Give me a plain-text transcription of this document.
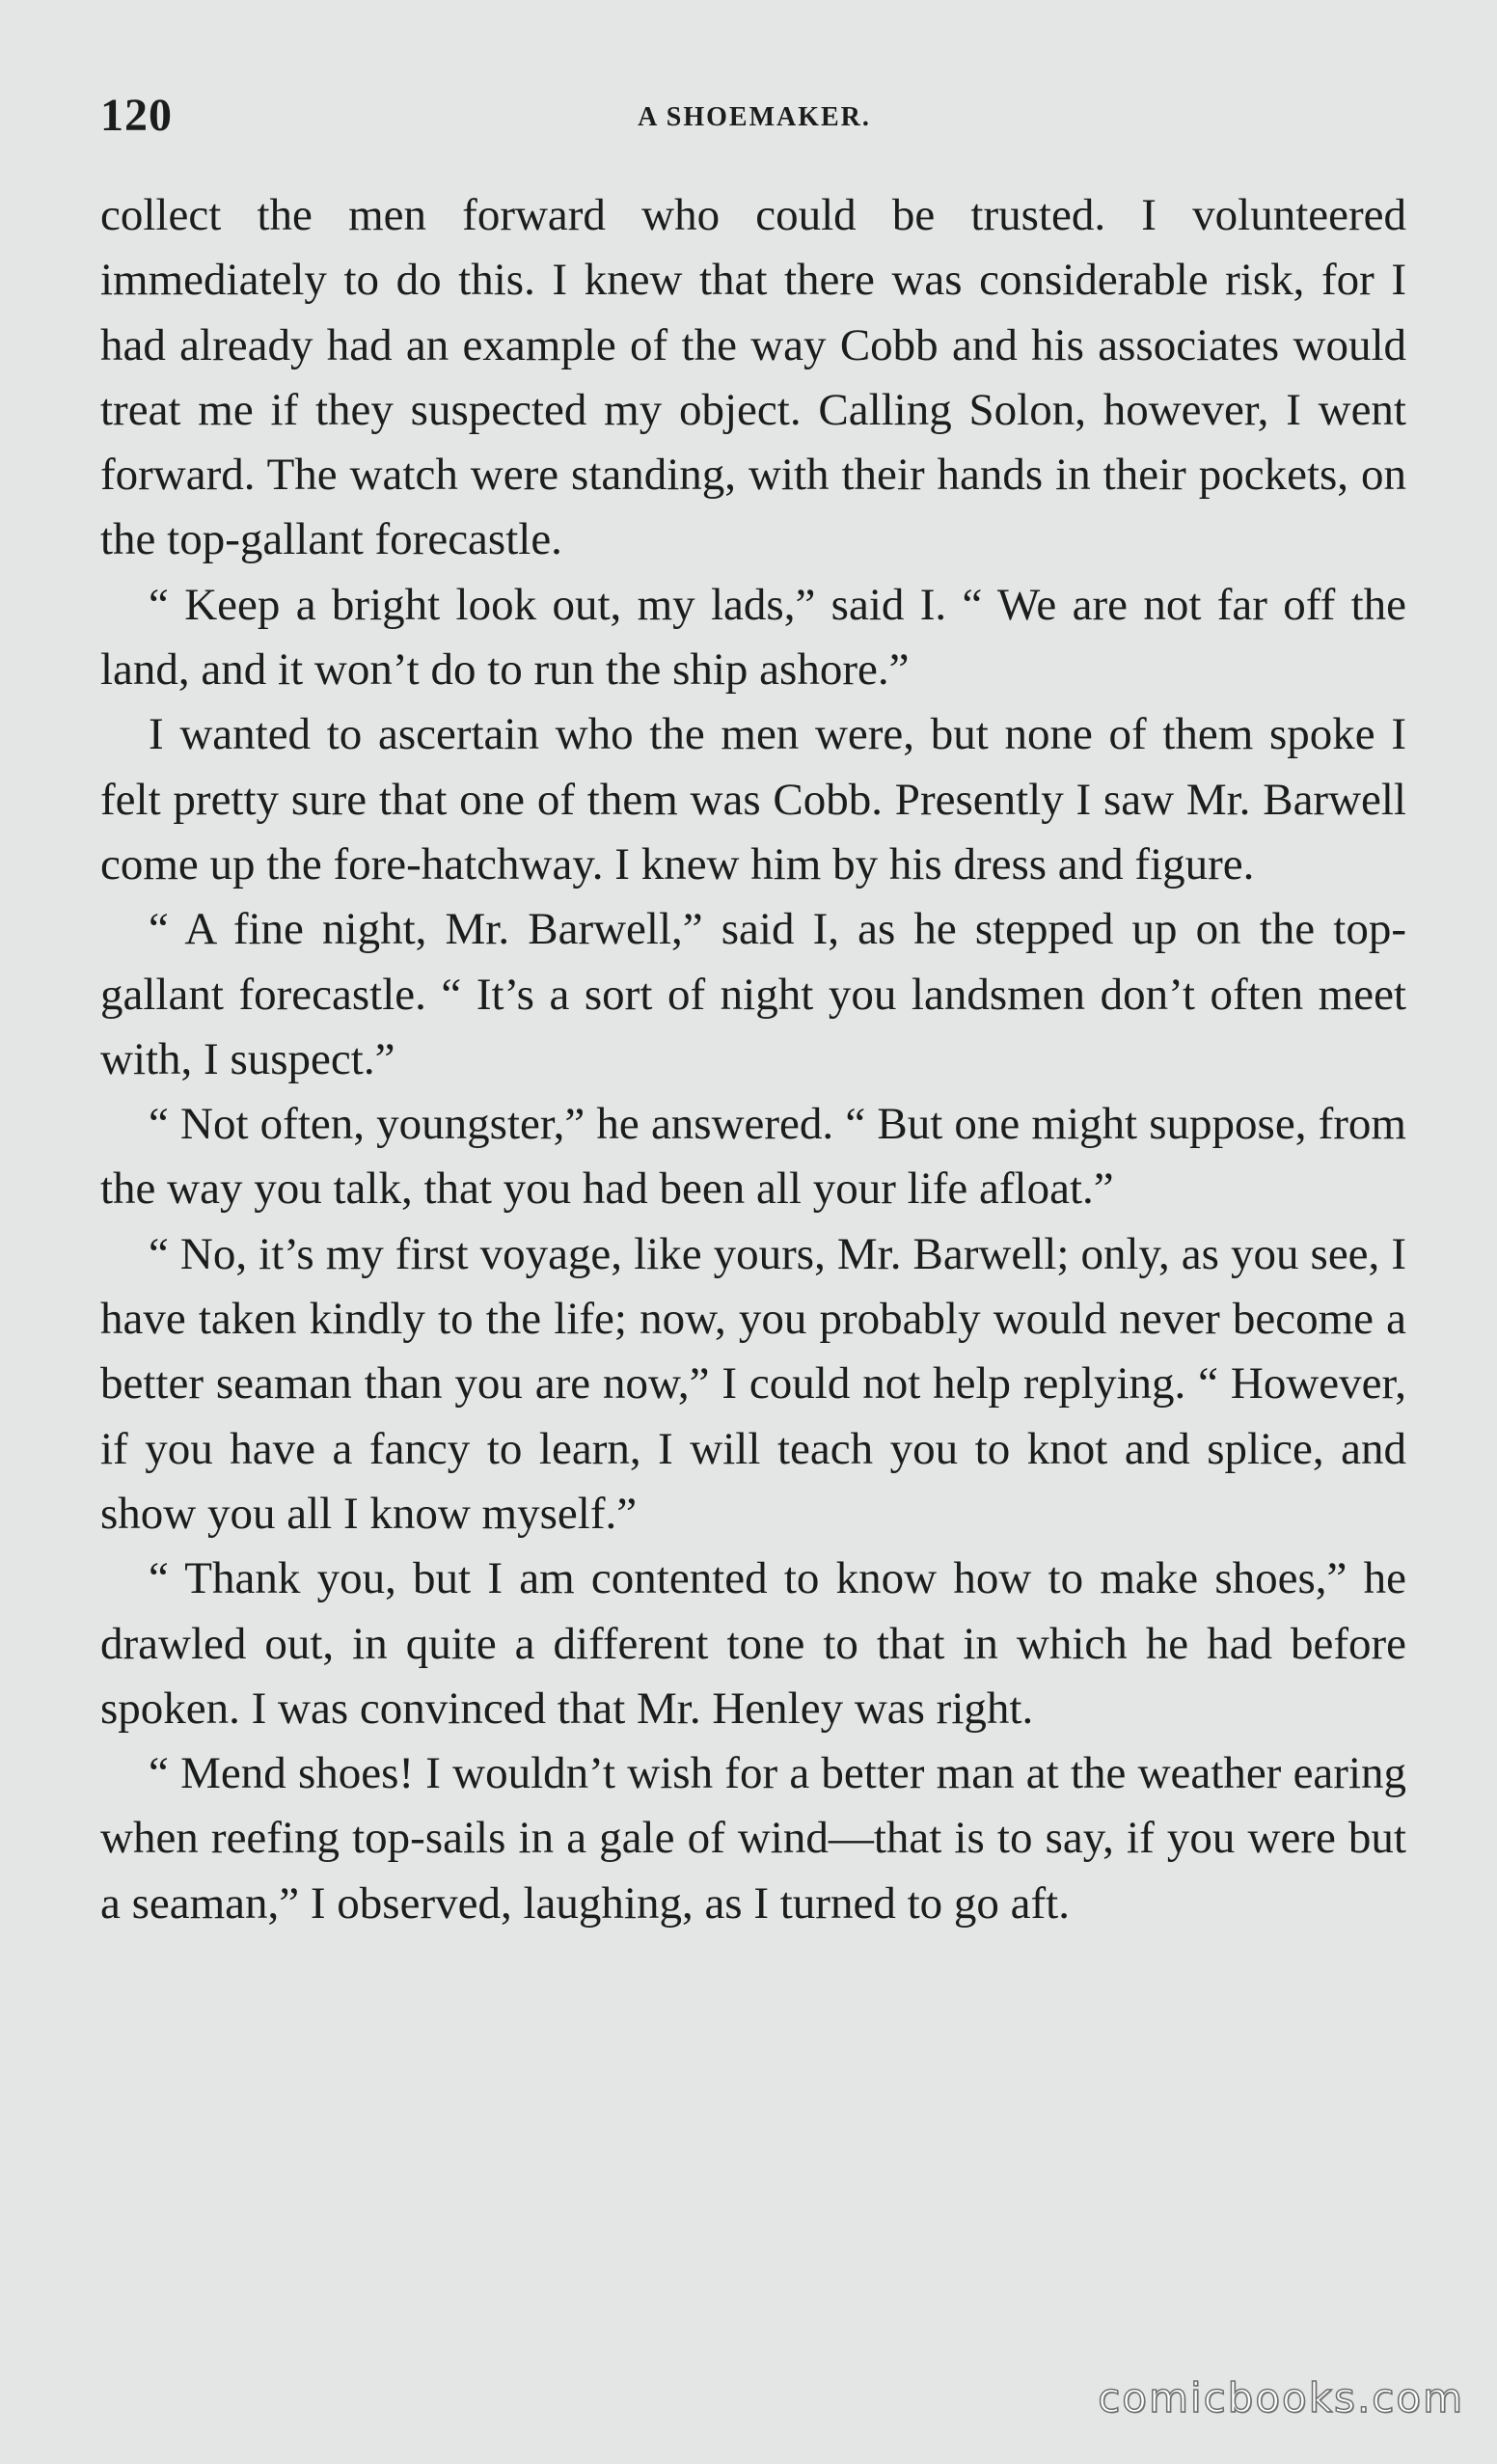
120	A SHOEMAKER.

collect the men forward who could be trusted. I volunteered immediately to do this. I knew that there was considerable risk, for I had already had an example of the way Cobb and his associates would treat me if they suspected my object. Calling Solon, however, I went forward. The watch were standing, with their hands in their pockets, on the top-gallant forecastle.

“ Keep a bright look out, my lads,” said I. “ We are not far off the land, and it won’t do to run the ship ashore.”

I wanted to ascertain who the men were, but none of them spoke I felt pretty sure that one of them was Cobb. Presently I saw Mr. Barwell come up the fore-hatchway. I knew him by his dress and figure.

“ A fine night, Mr. Barwell,” said I, as he stepped up on the top-gallant forecastle. “ It’s a sort of night you landsmen don’t often meet with, I suspect.”

“ Not often, youngster,” he answered. “ But one might suppose, from the way you talk, that you had been all your life afloat.”

“ No, it’s my first voyage, like yours, Mr. Barwell; only, as you see, I have taken kindly to the life; now, you probably would never become a better seaman than you are now,” I could not help replying. “ However, if you have a fancy to learn, I will teach you to knot and splice, and show you all I know myself.”

“ Thank you, but I am contented to know how to make shoes,” he drawled out, in quite a different tone to that in which he had before spoken. I was convinced that Mr. Henley was right.

“ Mend shoes! I wouldn’t wish for a better man at the weather earing when reefing top-sails in a gale of wind—that is to say, if you were but a seaman,” I observed, laughing, as I turned to go aft.

comicbooks.com
